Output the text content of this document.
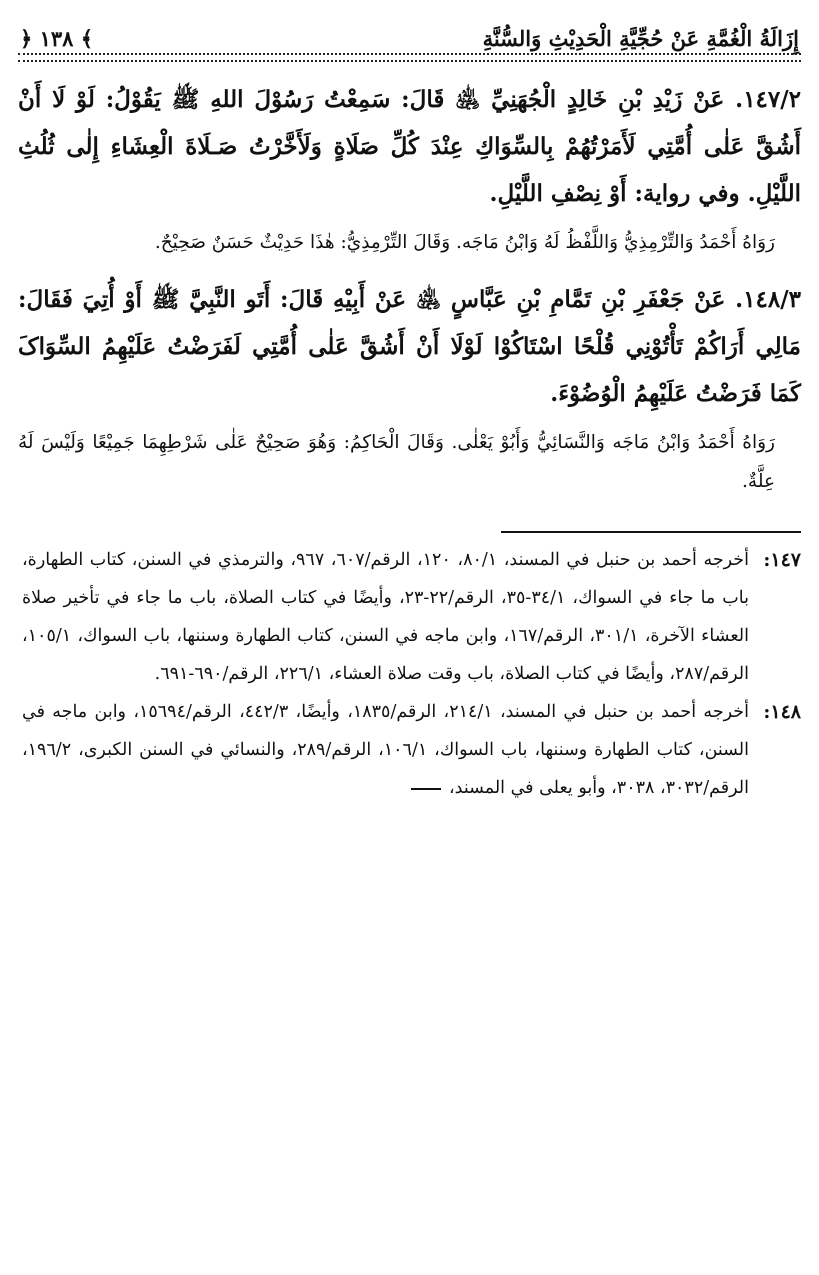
إِزَالَةُ الْغُمَّةِ عَنْ حُجِّيَّةِ الْحَدِيْثِ وَالسُّنَّةِ
﴿ ١٣٨ ﴾
١٤٧/٢. عَنْ زَيْدِ بْنِ خَالِدٍ الْجُهَنِيِّ ﵁ قَالَ: سَمِعْتُ رَسُوْلَ اللهِ ﷺ يَقُوْلُ: لَوْ لَا أَنْ أَشُقَّ عَلٰى أُمَّتِي لَأَمَرْتُهُمْ بِالسِّوَاكِ عِنْدَ كُلِّ صَلَاةٍ وَلَأَخَّرْتُ صَـلَاةَ الْعِشَاءِ إِلٰى ثُلُثِ اللَّيْلِ. وفي رواية: أَوْ نِصْفِ اللَّيْلِ.
رَوَاهُ أَحْمَدُ وَالتِّرْمِذِيُّ وَاللَّفْظُ لَهُ وَابْنُ مَاجَه. وَقَالَ التِّرْمِذِيُّ: هٰذَا حَدِيْثٌ حَسَنٌ صَحِيْحٌ.
١٤٨/٣. عَنْ جَعْفَرِ بْنِ تَمَّامِ بْنِ عَبَّاسٍ ﵁ عَنْ أَبِيْهِ قَالَ: أَتَو النَّبِيَّ ﷺ أَوْ أُتِيَ فَقَالَ: مَالِي أَرَاكُمْ تَأْتُوْنِي قُلْحًا اسْتَاكُوْا لَوْلَا أَنْ أَشُقَّ عَلٰى أُمَّتِي لَفَرَضْتُ عَلَيْهِمُ السِّوَاکَ كَمَا فَرَضْتُ عَلَيْهِمُ الْوُضُوْءَ.
رَوَاهُ أَحْمَدُ وَابْنُ مَاجَه وَالنَّسَائِيُّ وَأَبُوْ يَعْلٰى. وَقَالَ الْحَاكِمُ: وَهُوَ صَحِيْحٌ عَلٰى شَرْطِهِمَا جَمِيْعًا وَلَيْسَ لَهُ عِلَّةٌ.
١٤٧:
أخرجه أحمد بن حنبل في المسند، ٨٠/١، ١٢٠، الرقم/٦٠٧، ٩٦٧، والترمذي في السنن، كتاب الطهارة، باب ما جاء في السواك، ٣٤/١-٣٥، الرقم/٢٢-٢٣، وأيضًا في كتاب الصلاة، باب ما جاء في تأخير صلاة العشاء الآخرة، ٣٠١/١، الرقم/١٦٧، وابن ماجه في السنن، كتاب الطهارة وسننها، باب السواك، ١٠٥/١، الرقم/٢٨٧، وأيضًا في كتاب الصلاة، باب وقت صلاة العشاء، ٢٢٦/١، الرقم/٦٩٠-٦٩١.
١٤٨:
أخرجه أحمد بن حنبل في المسند، ٢١٤/١، الرقم/١٨٣٥، وأيضًا، ٤٤٢/٣، الرقم/١٥٦٩٤، وابن ماجه في السنن، كتاب الطهارة وسننها، باب السواك، ١٠٦/١، الرقم/٢٨٩، والنسائي في السنن الكبرى، ١٩٦/٢، الرقم/٣٠٣٢، ٣٠٣٨، وأبو يعلى في المسند،
